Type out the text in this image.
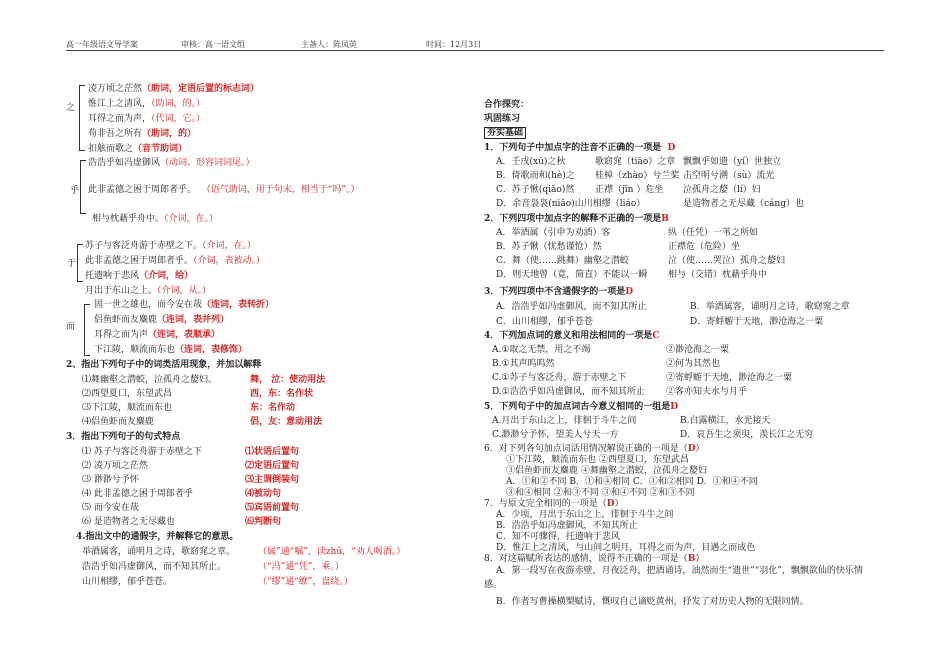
高一年级语文导学案	审核：高一语文组	主备人：陈凤英	时间：12月3日
之
凌万顷之茫然（助词，定语后置的标志词）
惟江上之清风，（助词，的。）
耳得之而为声，（代词，它。）
苟非吾之所有（助词，的）
扣舷而歌之（音节助词）
乎
浩浩乎如冯虚御风（动词、形容词词尾。）
此非孟德之困于周郎者乎。 （语气助词，用于句末，相当于“吗”。）
相与枕藉乎舟中。（介词，在。）
于
苏子与客泛舟游于赤壁之下。（介词，在。）
此非孟德之困于周郎者乎。（介词，表被动。）
托遗响于悲风（介词，给）
月出于东山之上。（介词，从。）
而
固一世之雄也，而今安在哉（连词，表转折）
侣鱼虾而友麋鹿（连词，表并列）
耳得之而为声（连词，表顺承）
下江陵，顺流而东也（连词，表修饰）
2、指出下列句子中的词类活用现象，并加以解释
⑴舞幽壑之潜蛟，泣孤舟之嫠妇。	舞， 泣：使动用法
⑵西望夏口，东望武昌	西，东：名作状
⑶下江陵，顺流而东也	东：名作动
⑷侣鱼虾而友麋鹿	侣，友：意动用法
3．指出下列句子的句式特点
⑴ 苏子与客泛舟游于赤壁之下	⑴状语后置句
⑵ 凌万顷之茫然	⑵定语后置句
⑶ 渺渺兮予怀	⑶主谓倒装句
⑷ 此非孟德之困于周郎者乎	⑷被动句
⑸ 而今安在哉	⑸宾语前置句
⑹ 是造物者之无尽藏也	⑹判断句
4.指出文中的通假字，并解释它的意思。
举酒属客，诵明月之诗，歌窈窕之章。	（属”通“嘱”，读zhǔ，“劝人喝酒。）
浩浩乎如冯虚御风，而不知其所止。	（“冯”通“凭”，乘。）
山川相缪，郁乎苍苍。	（“缪”通“缭”，盘绕。）
合作探究：
巩固练习
夯实基础
1．下列句子中加点字的注音不正确的一项是 D
A．壬戌(xū)之秋	歌窈窕（tiāo）之章 飘飘乎如遗（yí）世独立
B．倚歌而和(hè)之 桂棹（zhào）兮兰桨 击空明兮溯（sù）流光
C．苏子愀(qiǎo)然 正襟（jīn ）危坐 泣孤舟之嫠（lí）妇
D．余音袅袅(niǎo)山川相缪（liáo）	是造物者之无尽藏（cáng）也
2．下列四项中加点字的解释不正确的一项是B
A．举酒属（引申为劝酒）客	纵（任凭）一苇之所如
B．苏子愀（忧愁谨怆）然	正襟危（危险）坐
C．舞（使……跳舞）幽壑之潜蛟	泣（使……哭泣）孤舟之嫠妇
D．则天地曾（竟，简直）不能以一瞬 相与（交错）枕藉乎舟中
3．下列四项中不含通假字的一项是D
A．浩浩乎如冯虚御风，而不知其所止	B．举酒属客，诵明月之诗，歌窈窕之章
C．山川相缪，郁乎苍苍	D．寄蜉蝣于天地，渺沧海之一粟
4．下列加点词的意义和用法相同的一项是C
A.①取之无禁，用之不竭	②渺沧海之一粟
B.①其声呜呜然	②何为其然也
C.①苏子与客泛舟，游于赤壁之下	②寄蜉蝣于天地，渺沧海之一粟
D.①浩浩乎如冯虚御风，而不知其所止 ②客亦知夫水与月乎
5．下列句子中的加点词古今意义相同的一组是D
A.月出于东山之上，徘徊于斗牛之间	B.白露横江，水光接天
C.渺渺兮予怀，望美人兮天一方	D．哀吾生之须臾，羡长江之无穷
6．对下列各句加点词活用情况解说正确的一项是（D）
①下江陵，顺流而东也 ②西望夏口，东望武昌
③侣鱼虾而友麋鹿 ④舞幽壑之潜蛟，泣孤舟之嫠妇
A．①和②不同 B．①和④相同 C．①和②相同 D．①和④不同
③和④相同 ②和③不同 ③和④不同 ②和③不同
7．与原文完全相同的一项是（D）
A．少顷，月出于东山之上，徘徊于斗牛之间
B．浩浩乎如冯虚御风，不知其所止
C．知不可骤得，托遗响于悲风
D．惟江上之清风，与山间之明月，耳得之而为声，目遇之而成色
8．对这篇赋所表达的感情，说得不正确的一项是（B）
A．第一段写在夜游赤壁，月夜泛舟，把酒诵诗，油然而生“遗世”“羽化”，飘飘欲仙的快乐情
感。
B．作者写曹操横槊赋诗，慨叹自己谪贬黄州，抒发了对历史人物的无限同情。
